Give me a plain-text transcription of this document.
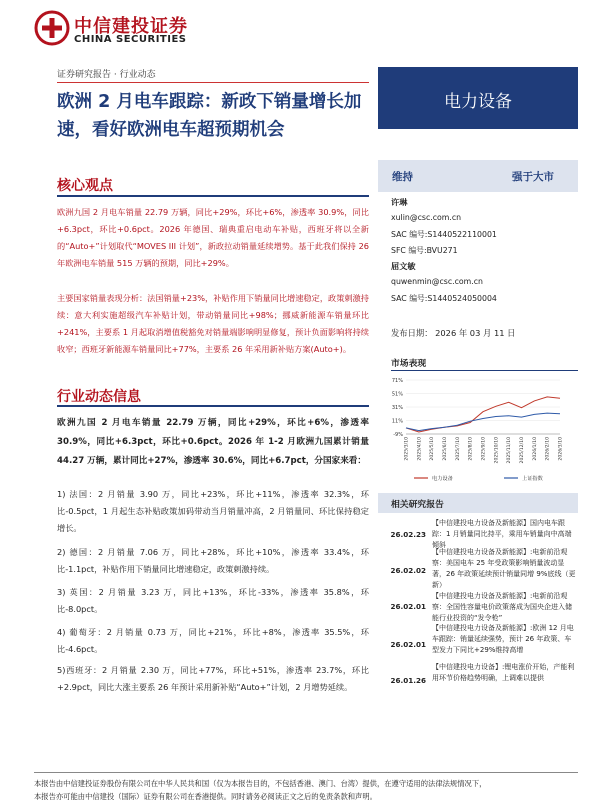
中信建投证券
CHINA SECURITIES
证券研究报告 · 行业动态
欧洲 2 月电车跟踪：新政下销量增长加速，看好欧洲电车超预期机会
电力设备
核心观点
欧洲九国 2 月电车销量 22.79 万辆，同比+29%，环比+6%，渗透率 30.9%，同比+6.3pct，环比+0.6pct。2026 年德国、瑞典重启电动车补贴，西班牙将以全新的“Auto+”计划取代“MOVES III 计划”，新政拉动销量延续增势。基于此我们保持 26 年欧洲电车销量 515 万辆的预期，同比+29%。
主要国家销量表现分析：法国销量+23%，补贴作用下销量同比增速稳定，政策刺激持续：意大利实施超级汽车补贴计划，带动销量同比+98%；挪威新能源车销量环比+241%，主要系 1 月起取消增值税豁免对销量端影响明显修复，预计负面影响将持续收窄；西班牙新能源车销量同比+77%，主要系 26 年采用新补贴方案(Auto+)。
行业动态信息
欧洲九国 2 月电车销量 22.79 万辆，同比+29%，环比+6%，渗透率 30.9%，同比+6.3pct，环比+0.6pct。2026 年 1-2 月欧洲九国累计销量 44.27 万辆，累计同比+27%，渗透率 30.6%，同比+6.7pct，分国家来看：
1) 法国：2 月销量 3.90 万，同比+23%，环比+11%，渗透率 32.3%，环比-0.5pct，1 月起生态补贴政策加码带动当月销量冲高，2 月销量同、环比保持稳定增长。
2) 德国：2 月销量 7.06 万，同比+28%，环比+10%，渗透率 33.4%，环比-1.1pct，补贴作用下销量同比增速稳定，政策刺激持续。
3) 英国：2 月销量 3.23 万，同比+13%，环比-33%，渗透率 35.8%，环比-8.0pct。
4) 葡萄牙：2 月销量 0.73 万，同比+21%，环比+8%，渗透率 35.5%，环比-4.6pct。
5)西班牙：2 月销量 2.30 万，同比+77%，环比+51%，渗透率 23.7%，环比+2.9pct，同比大涨主要系 26 年预计采用新补贴“Auto+”计划，2 月增势延续。
维持	强于大市
许琳
xulin@csc.com.cn
SAC 编号:S1440522110001
SFC 编号:BVU271
屈文敏
quwenmin@csc.com.cn
SAC 编号:S1440524050004
发布日期： 2026 年 03 月 11 日
市场表现
71%
51%
31%
11%
-9%
2025/3/10 2025/4/10 2025/5/10 2025/6/10 2025/7/10 2025/8/10 2025/9/10 2025/10/10 2025/11/10 2025/12/10 2026/1/10 2026/2/10 2026/3/10
电力设备	上证指数
相关研究报告
26.02.23
【中信建投电力设备及新能源】国内电车跟踪：1 月销量同比持平，乘用车销量向中高端倾斜
26.02.02
【中信建投电力设备及新能源】:电新前沿观察：美国电车 25 年受政策影响销量波动显著，26 年政策延续预计销量同增 9%底线（更新）
26.02.01
【中信建投电力设备及新能源】:电新前沿观察：全国性容量电价政策落成为国央企进入储能行业投资的“发令枪”
26.02.01
【中信建投电力设备及新能源】:欧洲 12 月电车跟踪：销量延续强势，预计 26 年政策、车型发力下同比+29%维持高增
26.01.26
【中信建投电力设备】:锂电涨价开始，产能利用环节价格趋势明确，上调难以提供
本报告由中信建投证券股份有限公司在中华人民共和国（仅为本报告目的，不包括香港、澳门、台湾）提供，在遵守适用的法律法规情况下，
本报告亦可能由中信建投（国际）证券有限公司在香港提供。同时请务必阅读正文之后的免责条款和声明。
